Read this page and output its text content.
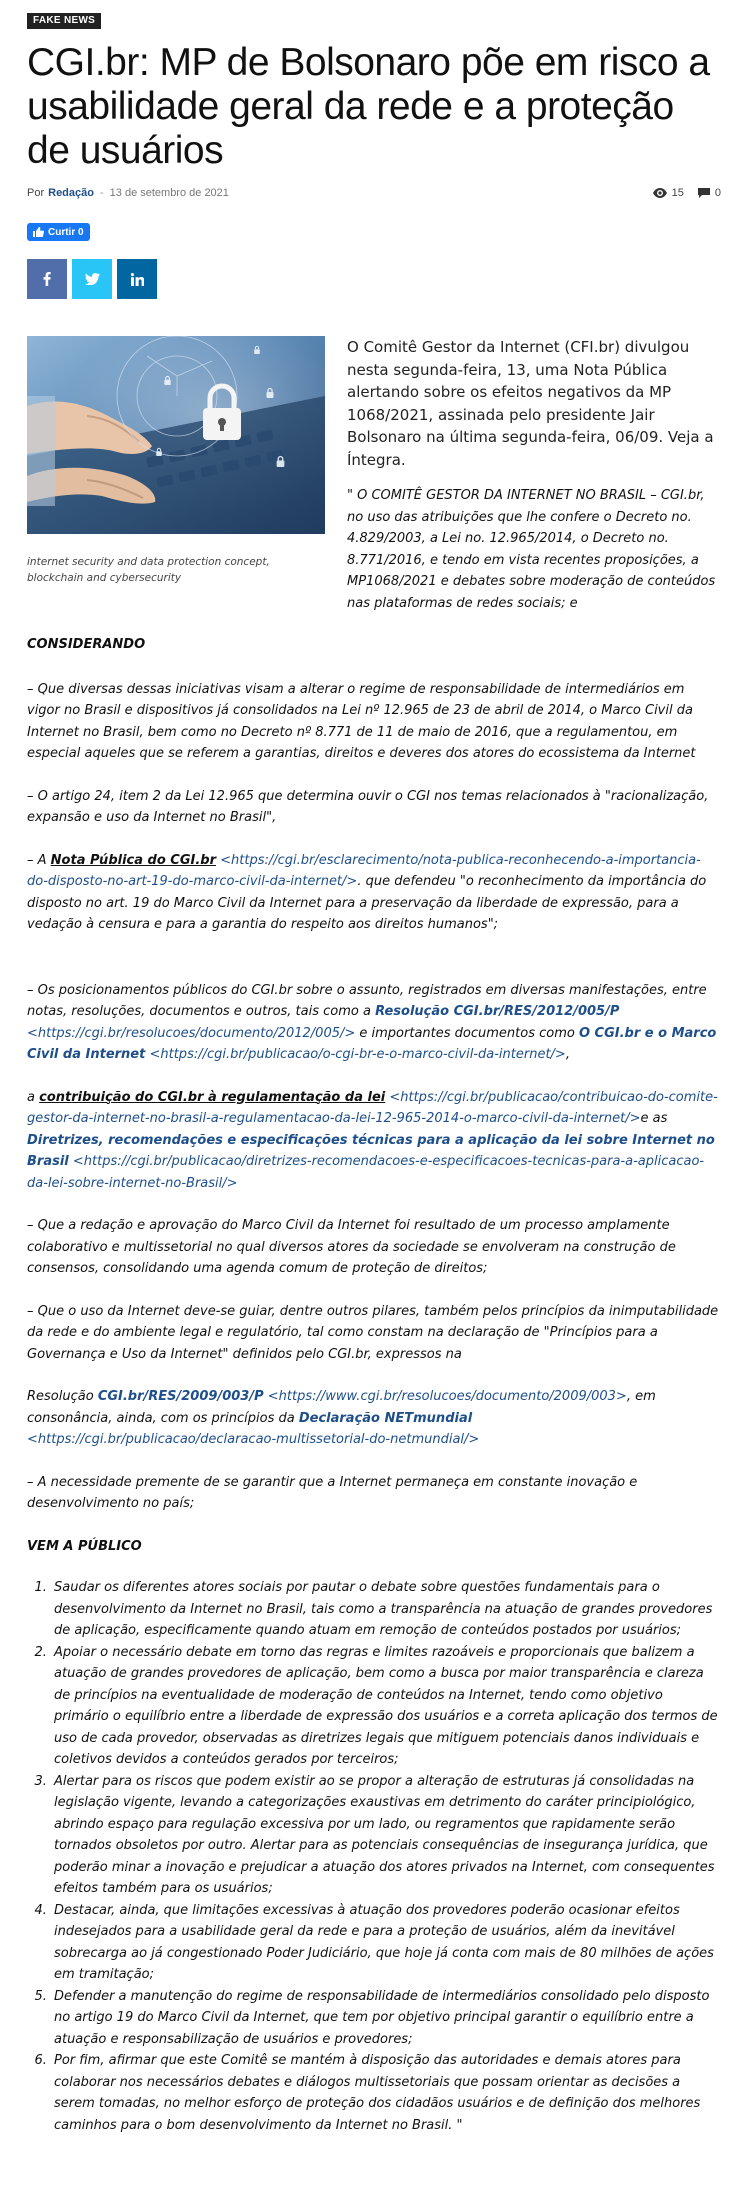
FAKE NEWS
CGI.br: MP de Bolsonaro põe em risco a usabilidade geral da rede e a proteção de usuários
Por Redação - 13 de setembro de 2021	15	0
Curtir 0
internet security and data protection concept, blockchain and cybersecurity

O Comitê Gestor da Internet (CFI.br) divulgou nesta segunda-feira, 13, uma Nota Pública alertando sobre os efeitos negativos da MP 1068/2021, assinada pelo presidente Jair Bolsonaro na última segunda-feira, 06/09. Veja a Íntegra.

" O COMITÊ GESTOR DA INTERNET NO BRASIL – CGI.br, no uso das atribuições que lhe confere o Decreto no. 4.829/2003, a Lei no. 12.965/2014, o Decreto no. 8.771/2016, e tendo em vista recentes proposições, a MP1068/2021 e debates sobre moderação de conteúdos nas plataformas de redes sociais; e

CONSIDERANDO

– Que diversas dessas iniciativas visam a alterar o regime de responsabilidade de intermediários em vigor no Brasil e dispositivos já consolidados na Lei nº 12.965 de 23 de abril de 2014, o Marco Civil da Internet no Brasil, bem como no Decreto nº 8.771 de 11 de maio de 2016, que a regulamentou, em especial aqueles que se referem a garantias, direitos e deveres dos atores do ecossistema da Internet

– O artigo 24, item 2 da Lei 12.965 que determina ouvir o CGI nos temas relacionados à "racionalização, expansão e uso da Internet no Brasil",

– A Nota Pública do CGI.br <https://cgi.br/esclarecimento/nota-publica-reconhecendo-a-importancia-do-disposto-no-art-19-do-marco-civil-da-internet/>. que defendeu "o reconhecimento da importância do disposto no art. 19 do Marco Civil da Internet para a preservação da liberdade de expressão, para a vedação à censura e para a garantia do respeito aos direitos humanos";

– Os posicionamentos públicos do CGI.br sobre o assunto, registrados em diversas manifestações, entre notas, resoluções, documentos e outros, tais como a Resolução CGI.br/RES/2012/005/P <https://cgi.br/resolucoes/documento/2012/005/> e importantes documentos como O CGI.br e o Marco Civil da Internet <https://cgi.br/publicacao/o-cgi-br-e-o-marco-civil-da-internet/>,

a contribuição do CGI.br à regulamentação da lei <https://cgi.br/publicacao/contribuicao-do-comite-gestor-da-internet-no-brasil-a-regulamentacao-da-lei-12-965-2014-o-marco-civil-da-internet/>e as Diretrizes, recomendações e especificações técnicas para a aplicação da lei sobre Internet no Brasil <https://cgi.br/publicacao/diretrizes-recomendacoes-e-especificacoes-tecnicas-para-a-aplicacao-da-lei-sobre-internet-no-Brasil/>

– Que a redação e aprovação do Marco Civil da Internet foi resultado de um processo amplamente colaborativo e multissetorial no qual diversos atores da sociedade se envolveram na construção de consensos, consolidando uma agenda comum de proteção de direitos;

– Que o uso da Internet deve-se guiar, dentre outros pilares, também pelos princípios da inimputabilidade da rede e do ambiente legal e regulatório, tal como constam na declaração de "Princípios para a Governança e Uso da Internet" definidos pelo CGI.br, expressos na

Resolução CGI.br/RES/2009/003/P <https://www.cgi.br/resolucoes/documento/2009/003>, em consonância, ainda, com os princípios da Declaração NETmundial <https://cgi.br/publicacao/declaracao-multissetorial-do-netmundial/>

– A necessidade premente de se garantir que a Internet permaneça em constante inovação e desenvolvimento no país;

VEM A PÚBLICO

1. Saudar os diferentes atores sociais por pautar o debate sobre questões fundamentais para o desenvolvimento da Internet no Brasil, tais como a transparência na atuação de grandes provedores de aplicação, especificamente quando atuam em remoção de conteúdos postados por usuários;
2. Apoiar o necessário debate em torno das regras e limites razoáveis e proporcionais que balizem a atuação de grandes provedores de aplicação, bem como a busca por maior transparência e clareza de princípios na eventualidade de moderação de conteúdos na Internet, tendo como objetivo primário o equilíbrio entre a liberdade de expressão dos usuários e a correta aplicação dos termos de uso de cada provedor, observadas as diretrizes legais que mitiguem potenciais danos individuais e coletivos devidos a conteúdos gerados por terceiros;
3. Alertar para os riscos que podem existir ao se propor a alteração de estruturas já consolidadas na legislação vigente, levando a categorizações exaustivas em detrimento do caráter principiológico, abrindo espaço para regulação excessiva por um lado, ou regramentos que rapidamente serão tornados obsoletos por outro. Alertar para as potenciais consequências de insegurança jurídica, que poderão minar a inovação e prejudicar a atuação dos atores privados na Internet, com consequentes efeitos também para os usuários;
4. Destacar, ainda, que limitações excessivas à atuação dos provedores poderão ocasionar efeitos indesejados para a usabilidade geral da rede e para a proteção de usuários, além da inevitável sobrecarga ao já congestionado Poder Judiciário, que hoje já conta com mais de 80 milhões de ações em tramitação;
5. Defender a manutenção do regime de responsabilidade de intermediários consolidado pelo disposto no artigo 19 do Marco Civil da Internet, que tem por objetivo principal garantir o equilíbrio entre a atuação e responsabilização de usuários e provedores;
6. Por fim, afirmar que este Comitê se mantém à disposição das autoridades e demais atores para colaborar nos necessários debates e diálogos multissetoriais que possam orientar as decisões a serem tomadas, no melhor esforço de proteção dos cidadãos usuários e de definição dos melhores caminhos para o bom desenvolvimento da Internet no Brasil. "
